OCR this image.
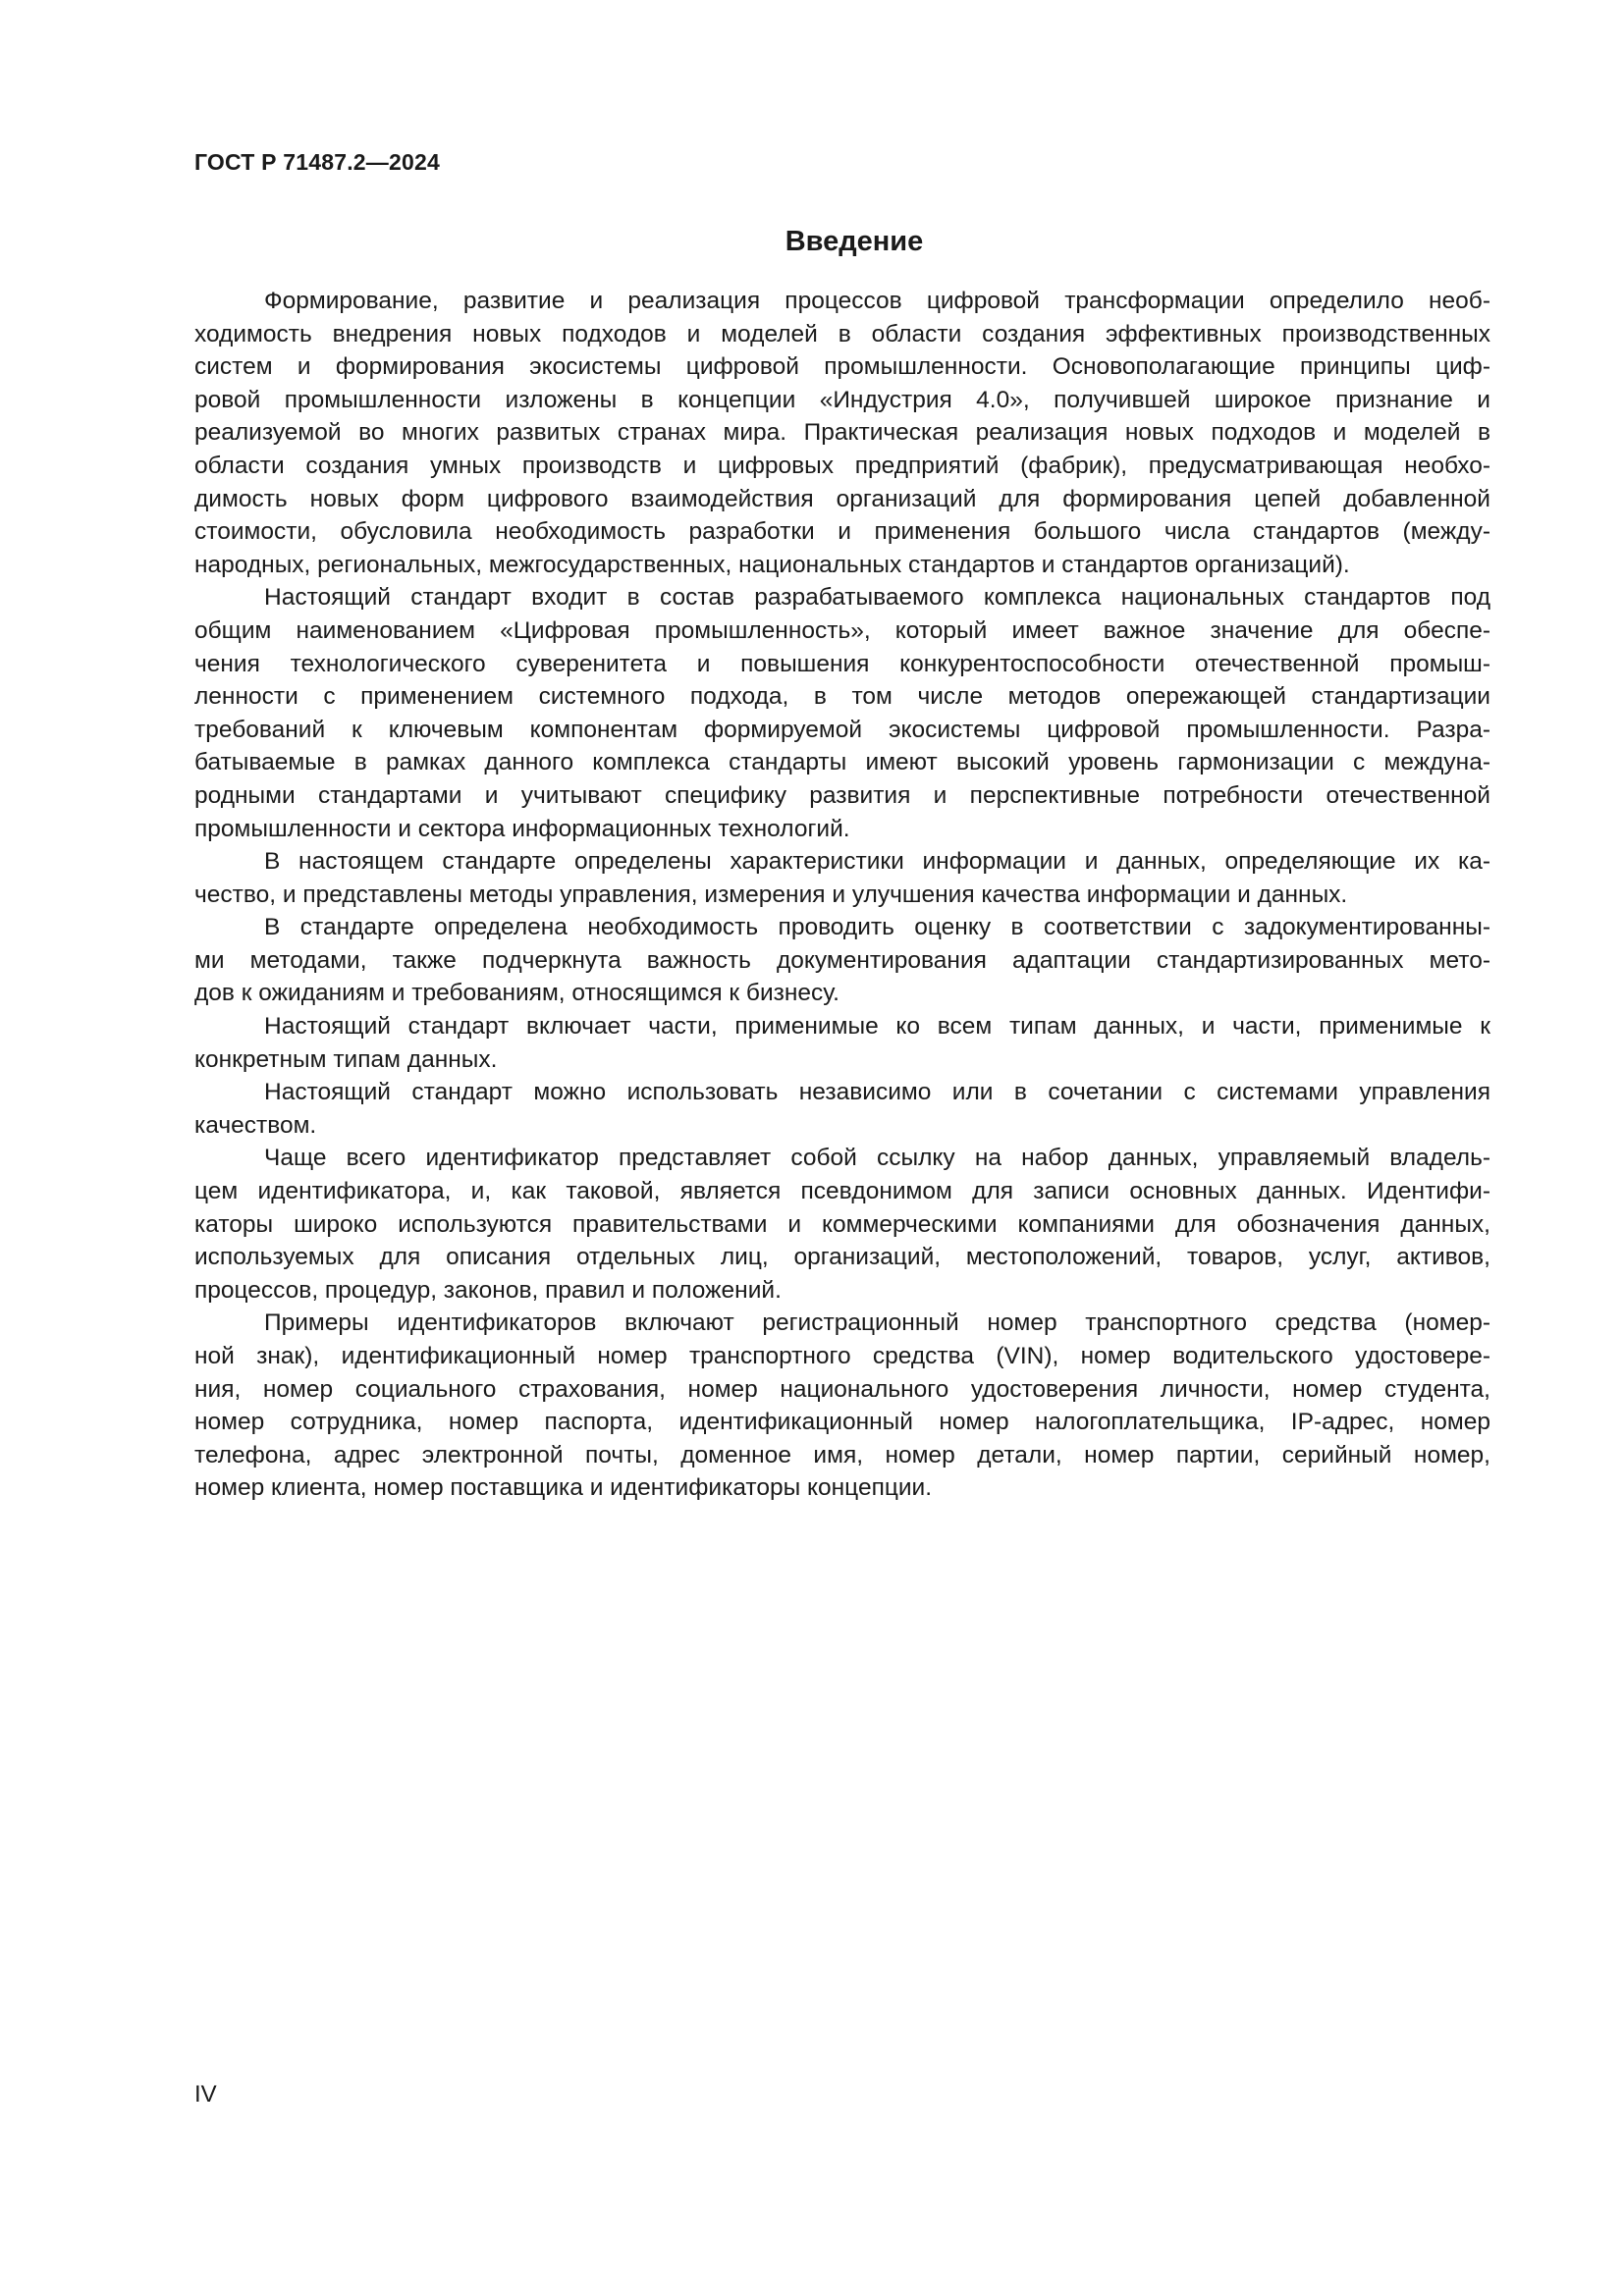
ГОСТ Р 71487.2—2024
Введение
Формирование, развитие и реализация процессов цифровой трансформации определило необ-
ходимость внедрения новых подходов и моделей в области создания эффективных производственных
систем и формирования экосистемы цифровой промышленности. Основополагающие принципы циф-
ровой промышленности изложены в концепции «Индустрия 4.0», получившей широкое признание и
реализуемой во многих развитых странах мира. Практическая реализация новых подходов и моделей в
области создания умных производств и цифровых предприятий (фабрик), предусматривающая необхо-
димость новых форм цифрового взаимодействия организаций для формирования цепей добавленной
стоимости, обусловила необходимость разработки и применения большого числа стандартов (между-
народных, региональных, межгосударственных, национальных стандартов и стандартов организаций).
Настоящий стандарт входит в состав разрабатываемого комплекса национальных стандартов под
общим наименованием «Цифровая промышленность», который имеет важное значение для обеспе-
чения технологического суверенитета и повышения конкурентоспособности отечественной промыш-
ленности с применением системного подхода, в том числе методов опережающей стандартизации
требований к ключевым компонентам формируемой экосистемы цифровой промышленности. Разра-
батываемые в рамках данного комплекса стандарты имеют высокий уровень гармонизации с междуна-
родными стандартами и учитывают специфику развития и перспективные потребности отечественной
промышленности и сектора информационных технологий.
В настоящем стандарте определены характеристики информации и данных, определяющие их ка-
чество, и представлены методы управления, измерения и улучшения качества информации и данных.
В стандарте определена необходимость проводить оценку в соответствии с задокументированны-
ми методами, также подчеркнута важность документирования адаптации стандартизированных мето-
дов к ожиданиям и требованиям, относящимся к бизнесу.
Настоящий стандарт включает части, применимые ко всем типам данных, и части, применимые к
конкретным типам данных.
Настоящий стандарт можно использовать независимо или в сочетании с системами управления
качеством.
Чаще всего идентификатор представляет собой ссылку на набор данных, управляемый владель-
цем идентификатора, и, как таковой, является псевдонимом для записи основных данных. Идентифи-
каторы широко используются правительствами и коммерческими компаниями для обозначения данных,
используемых для описания отдельных лиц, организаций, местоположений, товаров, услуг, активов,
процессов, процедур, законов, правил и положений.
Примеры идентификаторов включают регистрационный номер транспортного средства (номер-
ной знак), идентификационный номер транспортного средства (VIN), номер водительского удостовере-
ния, номер социального страхования, номер национального удостоверения личности, номер студента,
номер сотрудника, номер паспорта, идентификационный номер налогоплательщика, IP-адрес, номер
телефона, адрес электронной почты, доменное имя, номер детали, номер партии, серийный номер,
номер клиента, номер поставщика и идентификаторы концепции.
IV
